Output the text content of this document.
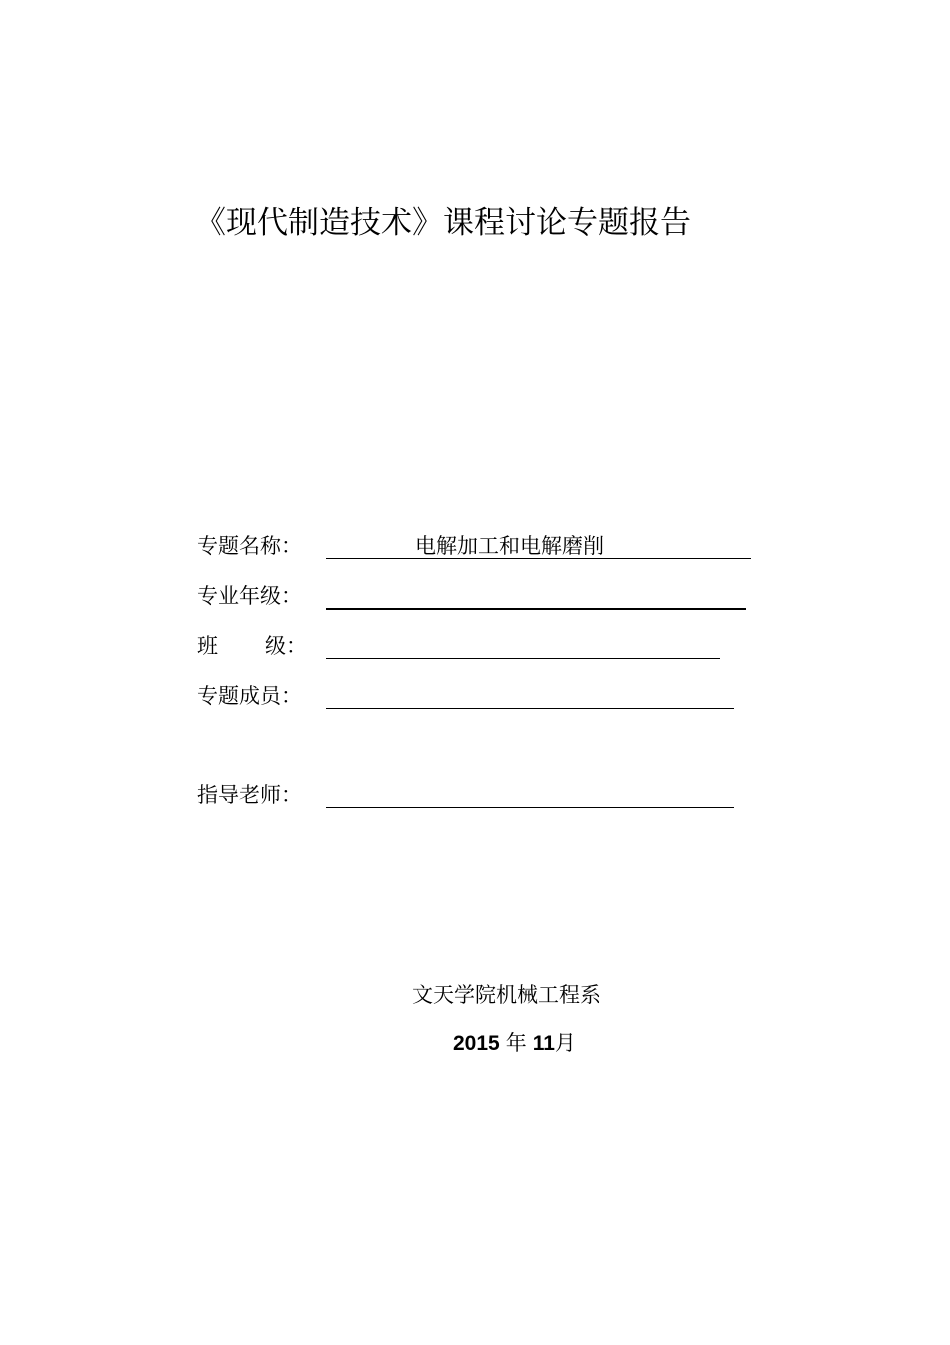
《现代制造技术》课程讨论专题报告
专题名称：	电解加工和电解磨削
专业年级：
班 级：
专题成员：
指导老师：
文天学院机械工程系
2015 年 11月
